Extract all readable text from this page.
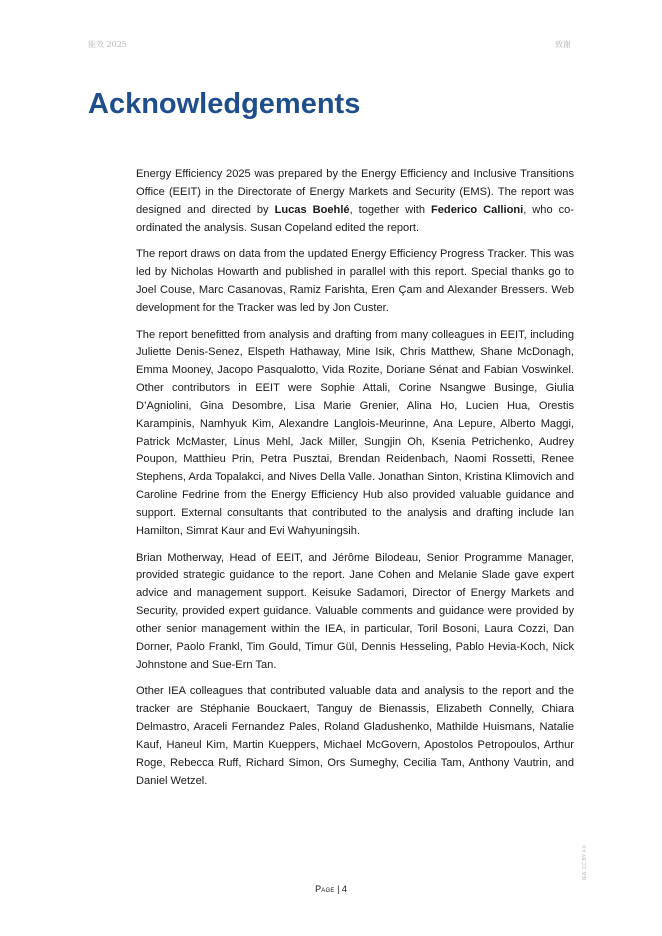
能效 2025	致谢
Acknowledgements

Energy Efficiency 2025 was prepared by the Energy Efficiency and Inclusive Transitions Office (EEIT) in the Directorate of Energy Markets and Security (EMS). The report was designed and directed by Lucas Boehlé, together with Federico Callioni, who co-ordinated the analysis. Susan Copeland edited the report.

The report draws on data from the updated Energy Efficiency Progress Tracker. This was led by Nicholas Howarth and published in parallel with this report. Special thanks go to Joel Couse, Marc Casanovas, Ramiz Farishta, Eren Çam and Alexander Bressers. Web development for the Tracker was led by Jon Custer.

The report benefitted from analysis and drafting from many colleagues in EEIT, including Juliette Denis-Senez, Elspeth Hathaway, Mine Isik, Chris Matthew, Shane McDonagh, Emma Mooney, Jacopo Pasqualotto, Vida Rozite, Doriane Sénat and Fabian Voswinkel. Other contributors in EEIT were Sophie Attali, Corine Nsangwe Businge, Giulia D’Agniolini, Gina Desombre, Lisa Marie Grenier, Alina Ho, Lucien Hua, Orestis Karampinis, Namhyuk Kim, Alexandre Langlois-Meurinne, Ana Lepure, Alberto Maggi, Patrick McMaster, Linus Mehl, Jack Miller, Sungjin Oh, Ksenia Petrichenko, Audrey Poupon, Matthieu Prin, Petra Pusztai, Brendan Reidenbach, Naomi Rossetti, Renee Stephens, Arda Topalakci, and Nives Della Valle. Jonathan Sinton, Kristina Klimovich and Caroline Fedrine from the Energy Efficiency Hub also provided valuable guidance and support. External consultants that contributed to the analysis and drafting include Ian Hamilton, Simrat Kaur and Evi Wahyuningsih.

Brian Motherway, Head of EEIT, and Jérôme Bilodeau, Senior Programme Manager, provided strategic guidance to the report. Jane Cohen and Melanie Slade gave expert advice and management support. Keisuke Sadamori, Director of Energy Markets and Security, provided expert guidance. Valuable comments and guidance were provided by other senior management within the IEA, in particular, Toril Bosoni, Laura Cozzi, Dan Dorner, Paolo Frankl, Tim Gould, Timur Gül, Dennis Hesseling, Pablo Hevia-Koch, Nick Johnstone and Sue-Ern Tan.

Other IEA colleagues that contributed valuable data and analysis to the report and the tracker are Stéphanie Bouckaert, Tanguy de Bienassis, Elizabeth Connelly, Chiara Delmastro, Araceli Fernandez Pales, Roland Gladushenko, Mathilde Huismans, Natalie Kauf, Haneul Kim, Martin Kueppers, Michael McGovern, Apostolos Petropoulos, Arthur Roge, Rebecca Ruff, Richard Simon, Ors Sumeghy, Cecilia Tam, Anthony Vautrin, and Daniel Wetzel.

Page | 4
IEA. CC BY 4.0.
